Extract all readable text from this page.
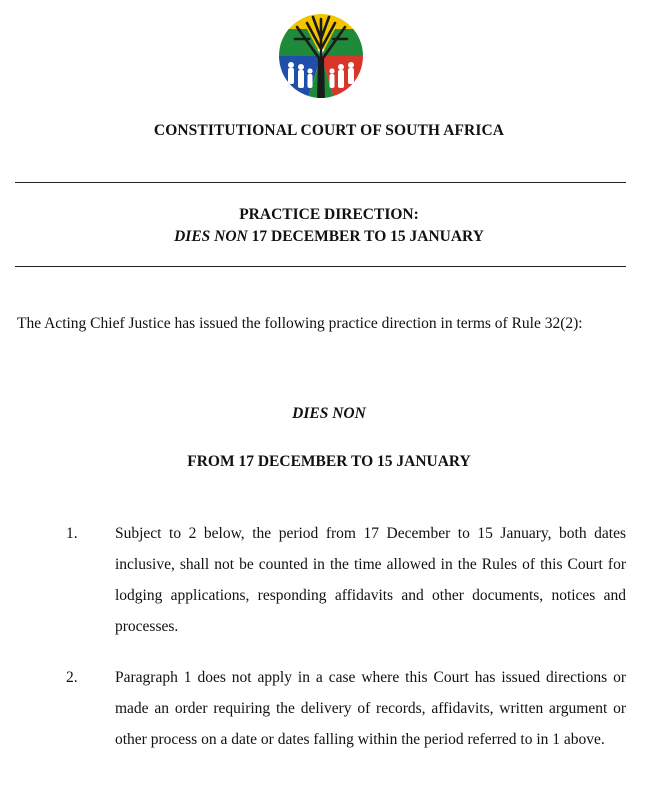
CONSTITUTIONAL COURT OF SOUTH AFRICA

PRACTICE DIRECTION:
DIES NON 17 DECEMBER TO 15 JANUARY

The Acting Chief Justice has issued the following practice direction in terms of Rule 32(2):

DIES NON

FROM 17 DECEMBER TO 15 JANUARY

1. Subject to 2 below, the period from 17 December to 15 January, both dates inclusive, shall not be counted in the time allowed in the Rules of this Court for lodging applications, responding affidavits and other documents, notices and processes.

2. Paragraph 1 does not apply in a case where this Court has issued directions or made an order requiring the delivery of records, affidavits, written argument or other process on a date or dates falling within the period referred to in 1 above.
